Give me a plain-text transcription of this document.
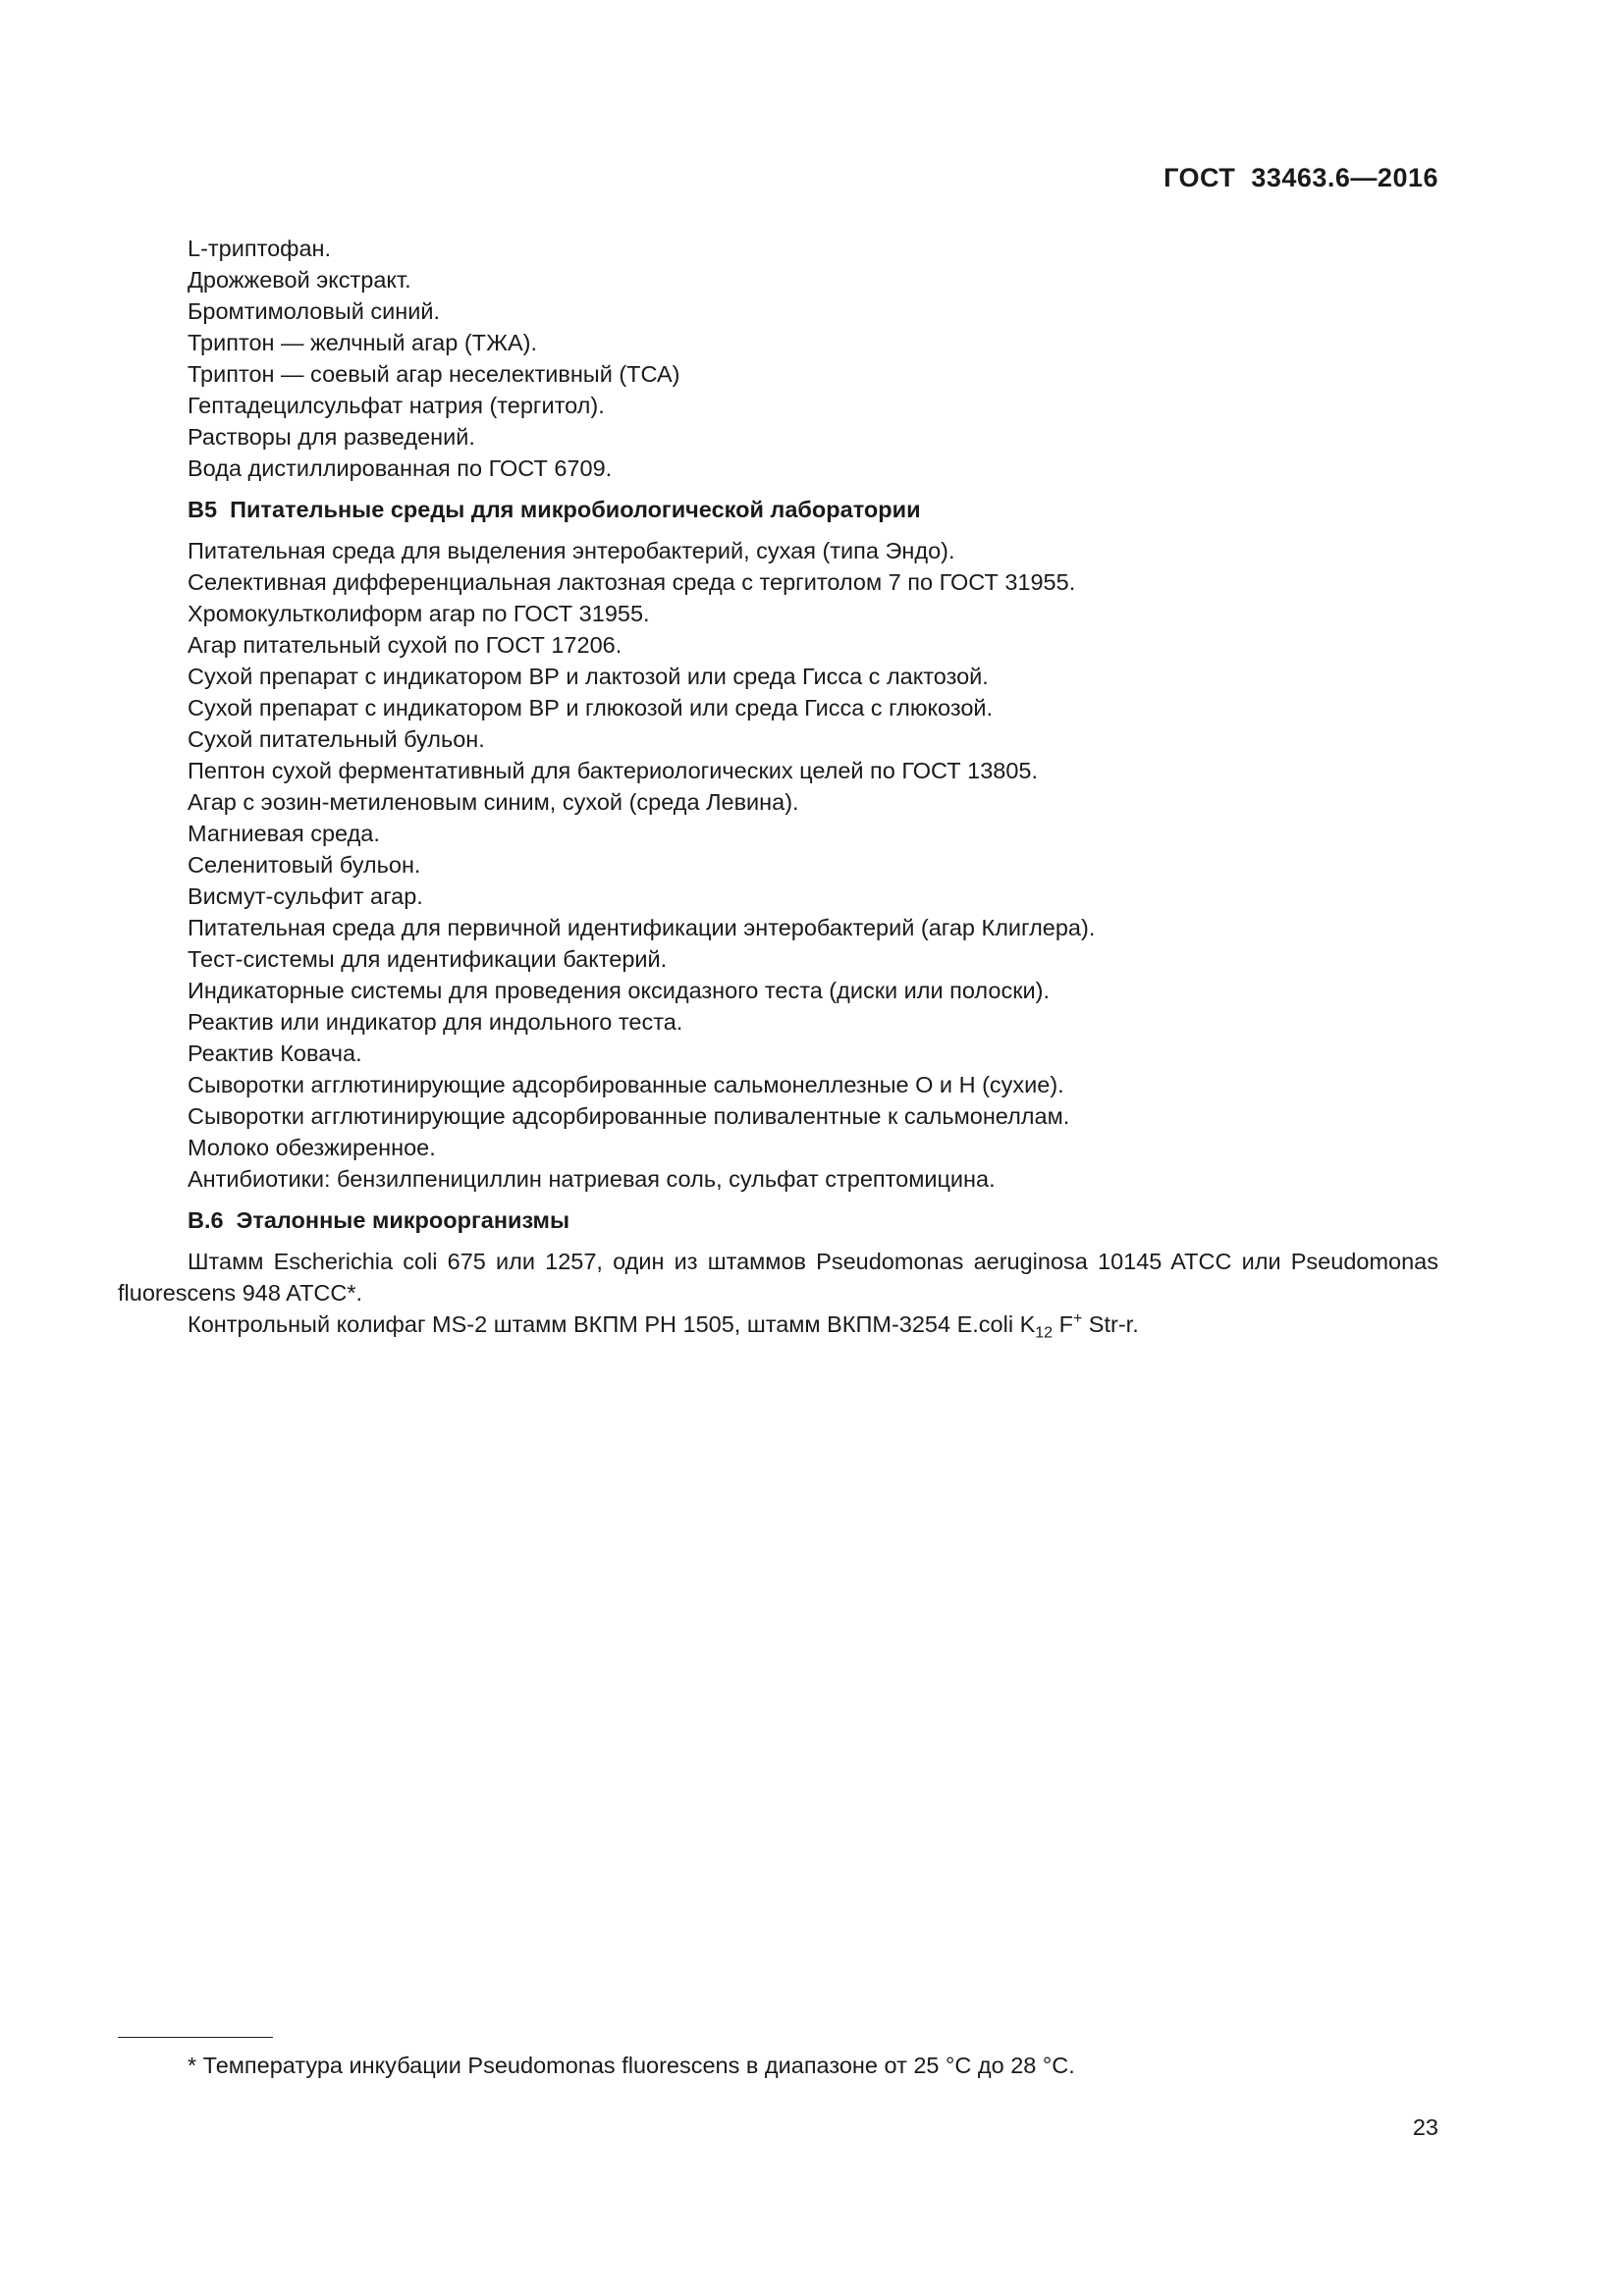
ГОСТ  33463.6—2016
L-триптофан.
Дрожжевой экстракт.
Бромтимоловый синий.
Триптон — желчный агар (ТЖА).
Триптон — соевый агар неселективный (ТСА)
Гептадецилсульфат натрия (тергитол).
Растворы для разведений.
Вода дистиллированная по ГОСТ 6709.
В5  Питательные среды для микробиологической лаборатории
Питательная среда для выделения энтеробактерий, сухая (типа Эндо).
Селективная дифференциальная лактозная среда с тергитолом 7 по ГОСТ 31955.
Хромокультколиформ агар по ГОСТ 31955.
Агар питательный сухой по ГОСТ 17206.
Сухой препарат с индикатором ВР и лактозой или среда Гисса с лактозой.
Сухой препарат с индикатором ВР и глюкозой или среда Гисса с глюкозой.
Сухой питательный бульон.
Пептон сухой ферментативный для бактериологических целей по ГОСТ 13805.
Агар с эозин-метиленовым синим, сухой (среда Левина).
Магниевая среда.
Селенитовый бульон.
Висмут-сульфит агар.
Питательная среда для первичной идентификации энтеробактерий (агар Клиглера).
Тест-системы для идентификации бактерий.
Индикаторные системы для проведения оксидазного теста (диски или полоски).
Реактив или индикатор для индольного теста.
Реактив Ковача.
Сыворотки агглютинирующие адсорбированные сальмонеллезные О и Н (сухие).
Сыворотки агглютинирующие адсорбированные поливалентные к сальмонеллам.
Молоко обезжиренное.
Антибиотики: бензилпенициллин натриевая соль, сульфат стрептомицина.
В.6  Эталонные микроорганизмы
Штамм Escherichia coli 675 или 1257, один из штаммов Pseudomonas aeruginosa 10145 ATCC или Pseudomonas fluorescens 948 ATCC*.
Контрольный колифаг MS-2 штамм ВКПМ РН 1505, штамм ВКПМ-3254 E.coli $K_{12}$ F+ Str-r.
* Температура инкубации Pseudomonas fluorescens в диапазоне от 25 °С до 28 °С.
23
